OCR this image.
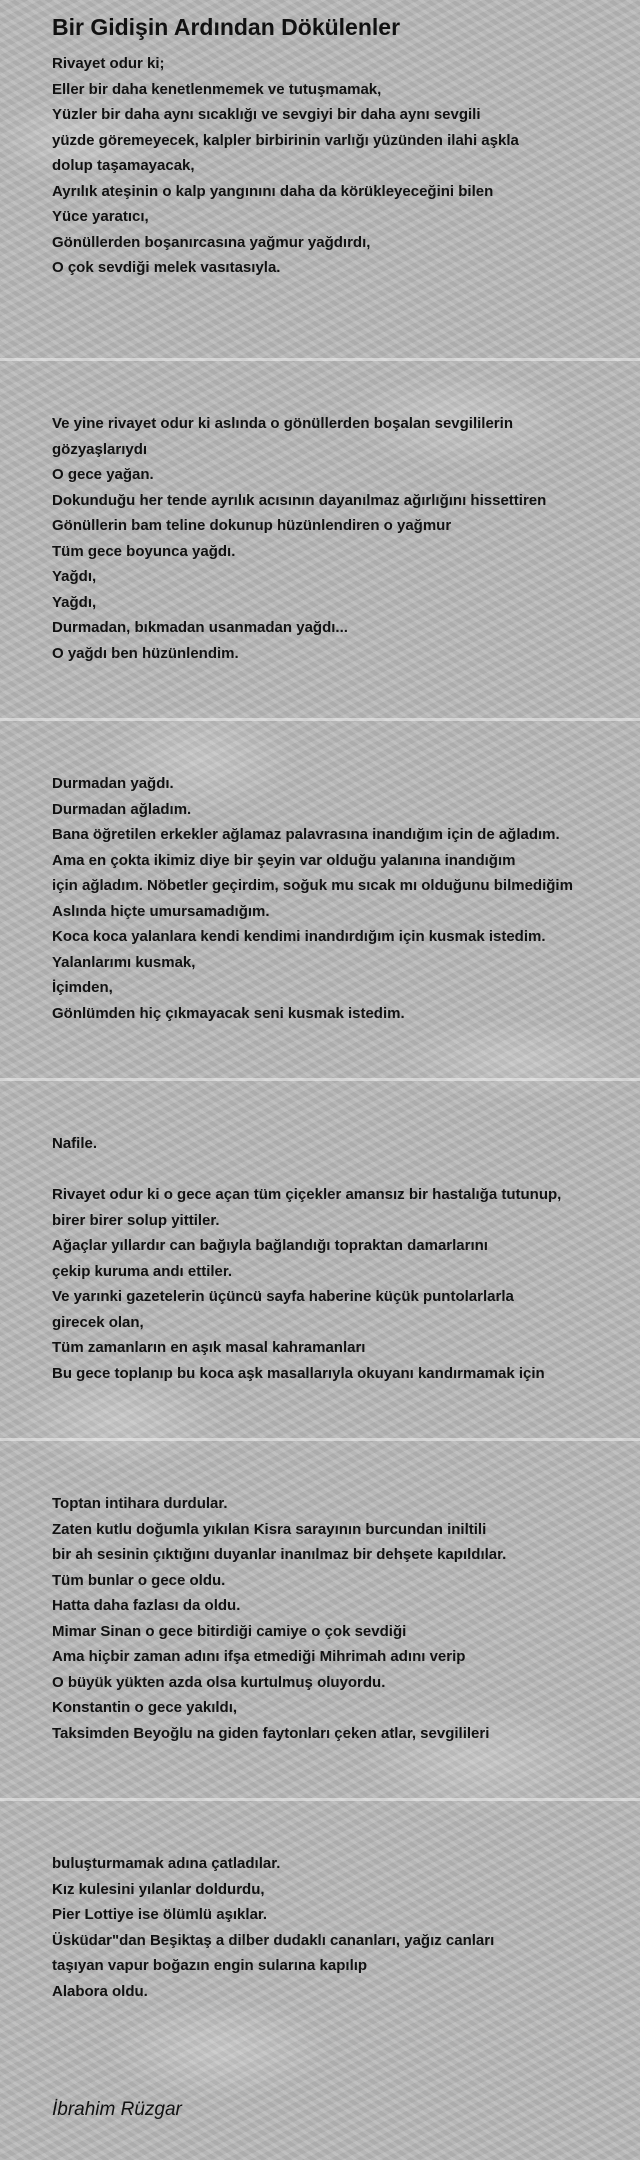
Bir Gidişin Ardından Dökülenler
Rivayet odur ki;
Eller bir daha kenetlenmemek ve tutuşmamak,
Yüzler bir daha aynı sıcaklığı ve sevgiyi bir daha aynı sevgili
yüzde göremeyecek, kalpler birbirinin varlığı yüzünden ilahi aşkla
dolup taşamayacak,
Ayrılık ateşinin o kalp yangınını daha da körükleyeceğini bilen
Yüce yaratıcı,
Gönüllerden boşanırcasına yağmur yağdırdı,
O çok sevdiği melek vasıtasıyla.
Ve yine rivayet odur ki aslında o gönüllerden boşalan sevgililerin
gözyaşlarıydı
O gece yağan.
Dokunduğu her tende ayrılık acısının dayanılmaz ağırlığını hissettiren
Gönüllerin bam teline dokunup hüzünlendiren o yağmur
Tüm gece boyunca yağdı.
Yağdı,
Yağdı,
Durmadan, bıkmadan usanmadan yağdı...
O yağdı ben hüzünlendim.
Durmadan yağdı.
Durmadan ağladım.
Bana öğretilen erkekler ağlamaz palavrasına inandığım için de ağladım.
Ama en çokta ikimiz diye bir şeyin var olduğu yalanına inandığım
için ağladım. Nöbetler geçirdim, soğuk mu sıcak mı olduğunu bilmediğim
Aslında hiçte umursamadığım.
Koca koca yalanlara kendi kendimi inandırdığım için kusmak istedim.
Yalanlarımı kusmak,
İçimden,
Gönlümden hiç çıkmayacak seni kusmak istedim.
Nafile.
Rivayet odur ki o gece açan tüm çiçekler amansız bir hastalığa tutunup,
birer birer solup yittiler.
Ağaçlar yıllardır can bağıyla bağlandığı topraktan damarlarını
çekip kuruma andı ettiler.
Ve yarınki gazetelerin üçüncü sayfa haberine küçük puntolarlarla
girecek olan,
Tüm zamanların en aşık masal kahramanları
Bu gece toplanıp bu koca aşk masallarıyla okuyanı kandırmamak için
Toptan intihara durdular.
Zaten kutlu doğumla yıkılan Kisra sarayının burcundan iniltili
bir ah sesinin çıktığını duyanlar inanılmaz bir dehşete kapıldılar.
Tüm bunlar o gece oldu.
Hatta daha fazlası da oldu.
Mimar Sinan o gece bitirdiği camiye o çok sevdiği
Ama hiçbir zaman adını ifşa etmediği Mihrimah adını verip
O büyük yükten azda olsa kurtulmuş oluyordu.
Konstantin o gece yakıldı,
Taksimden Beyoğlu na giden faytonları çeken atlar, sevgilileri
buluşturmamak adına çatladılar.
Kız kulesini yılanlar doldurdu,
Pier Lottiye ise ölümlü aşıklar.
Üsküdar"dan Beşiktaş a dilber dudaklı cananları, yağız canları
taşıyan vapur boğazın engin sularına kapılıp
Alabora oldu.
İbrahim Rüzgar
